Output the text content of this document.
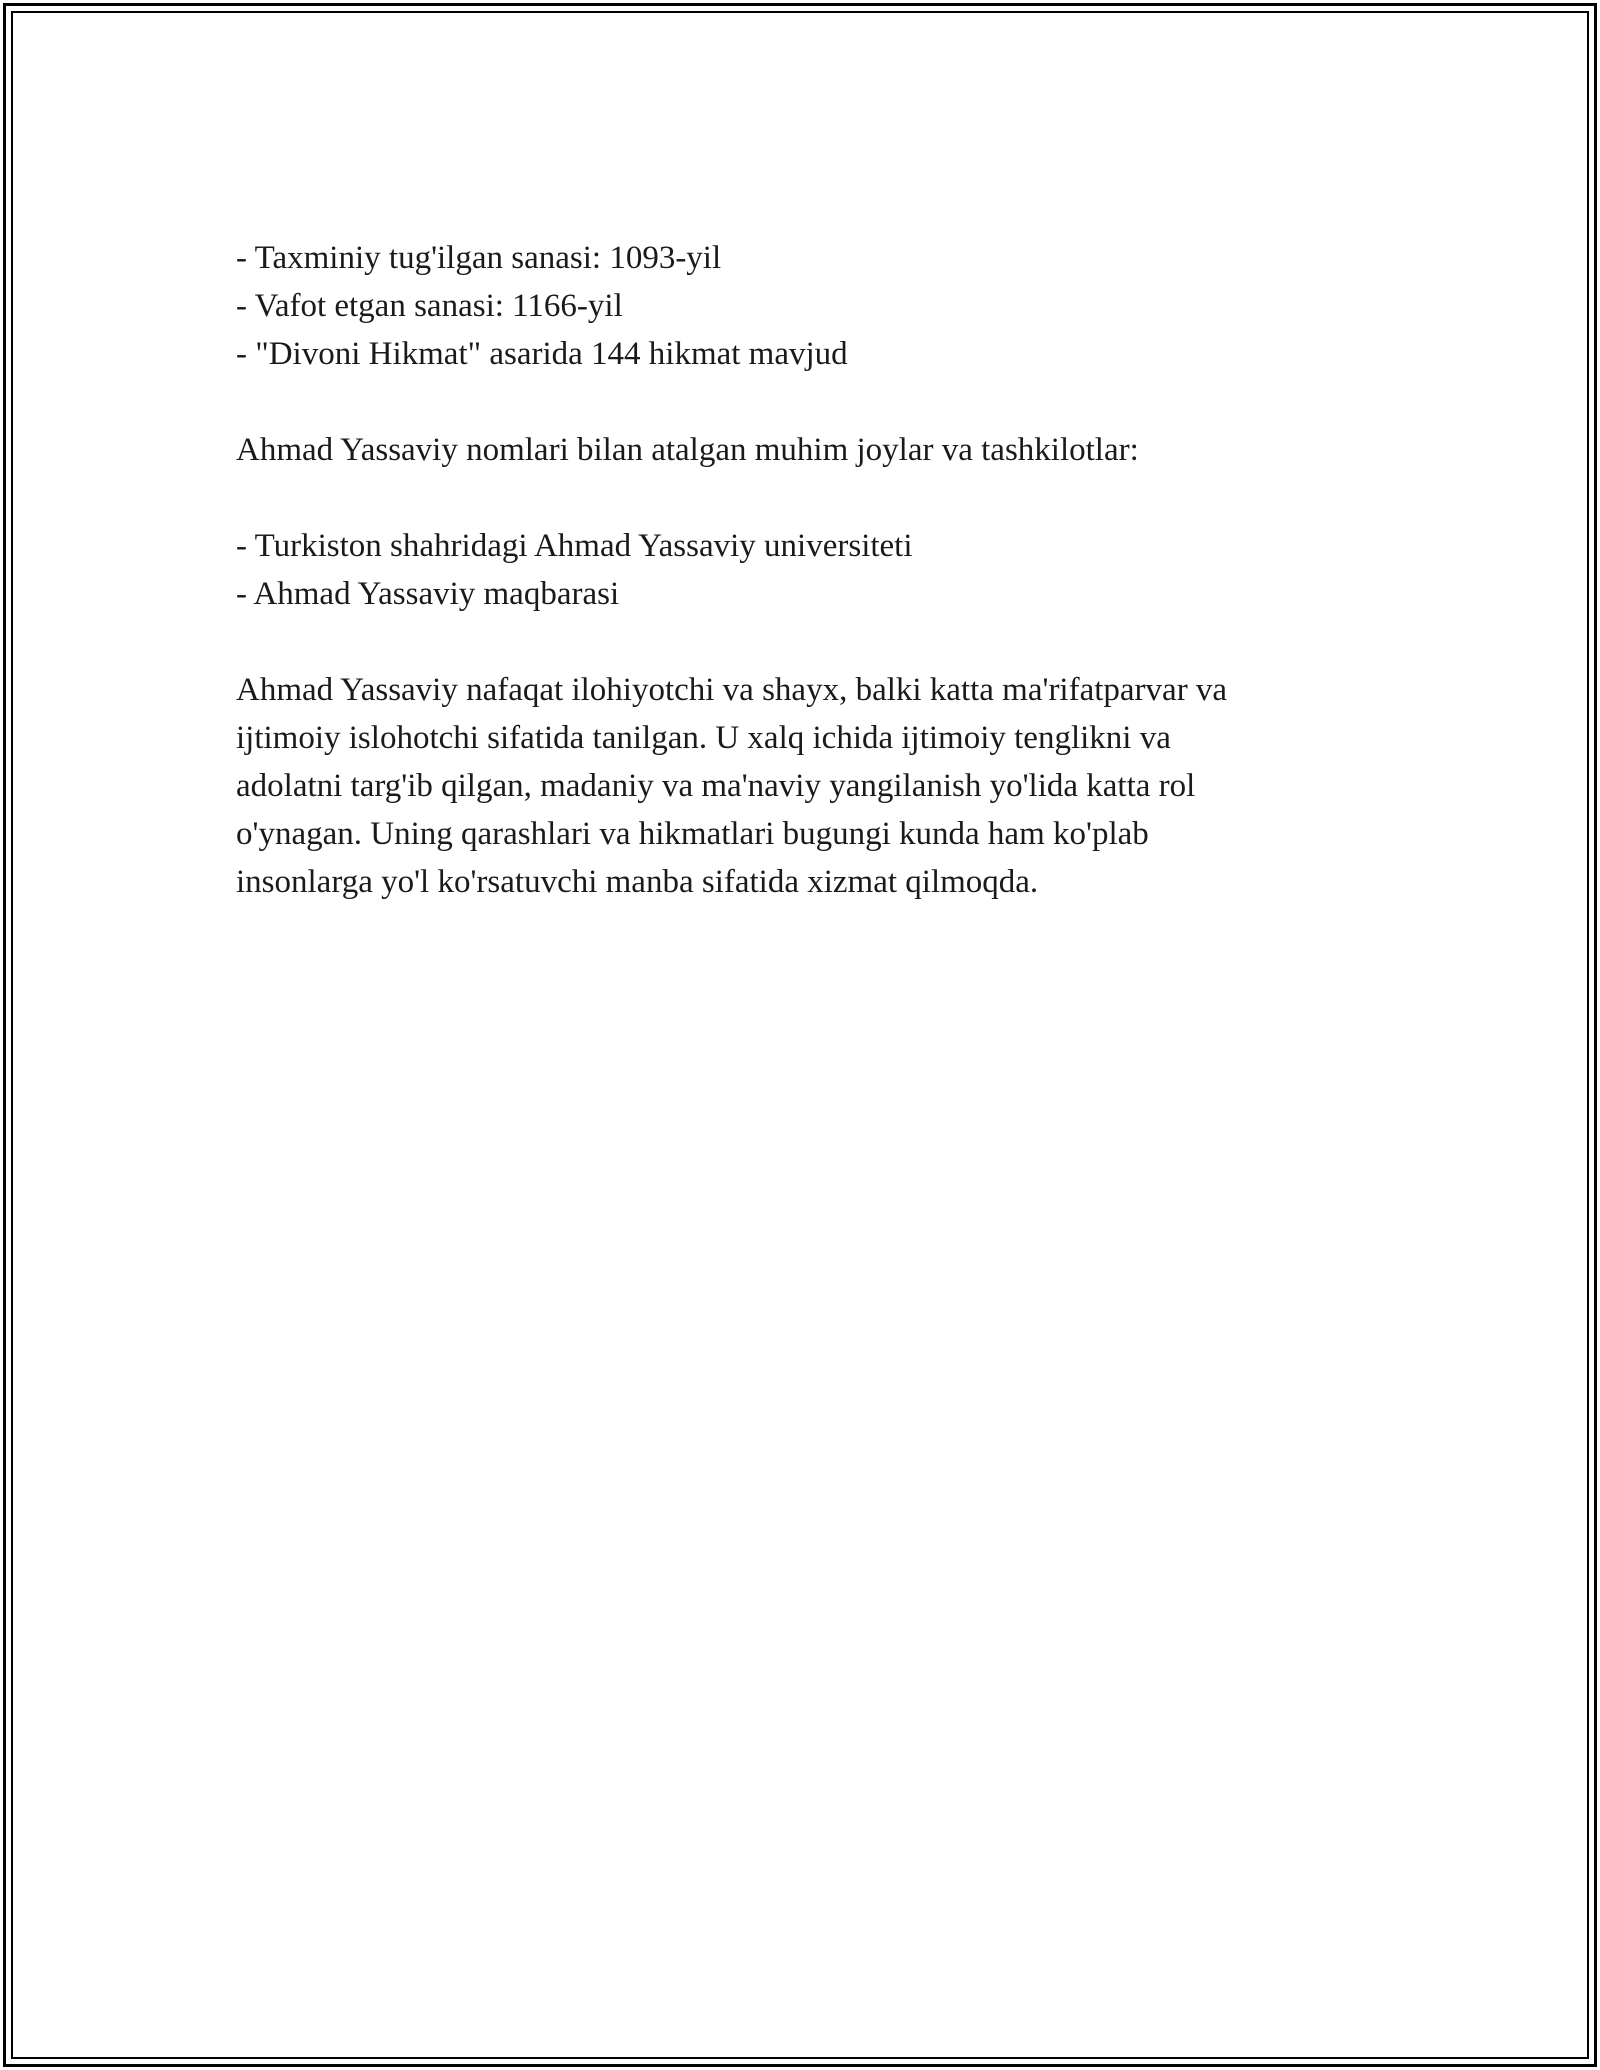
- Taxminiy tug'ilgan sanasi: 1093-yil
- Vafot etgan sanasi: 1166-yil
- "Divoni Hikmat" asarida 144 hikmat mavjud
Ahmad Yassaviy nomlari bilan atalgan muhim joylar va tashkilotlar:
- Turkiston shahridagi Ahmad Yassaviy universiteti
- Ahmad Yassaviy maqbarasi
Ahmad Yassaviy nafaqat ilohiyotchi va shayx, balki katta ma'rifatparvar va
ijtimoiy islohotchi sifatida tanilgan. U xalq ichida ijtimoiy tenglikni va
adolatni targ'ib qilgan, madaniy va ma'naviy yangilanish yo'lida katta rol
o'ynagan. Uning qarashlari va hikmatlari bugungi kunda ham ko'plab
insonlarga yo'l ko'rsatuvchi manba sifatida xizmat qilmoqda.
